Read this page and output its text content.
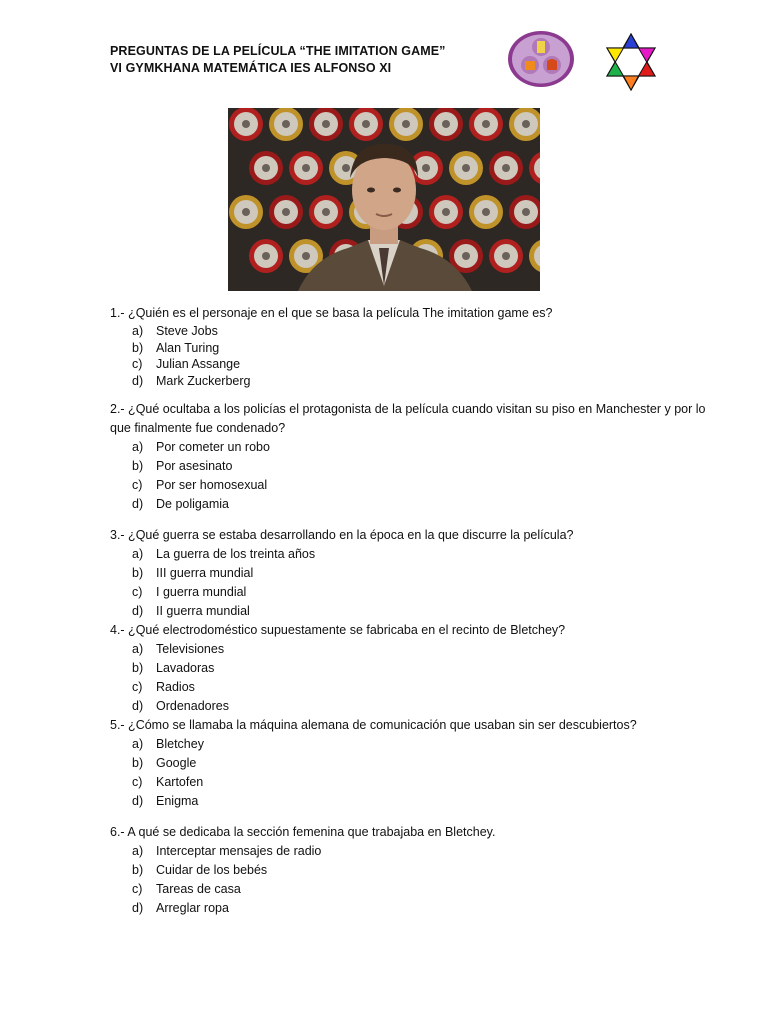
PREGUNTAS DE LA PELÍCULA “THE IMITATION GAME”
VI GYMKHANA MATEMÁTICA IES ALFONSO XI
1.- ¿Quién es el personaje en el que se basa la película The imitation game es?
a) Steve Jobs
b) Alan Turing
c) Julian Assange
d) Mark Zuckerberg
2.- ¿Qué ocultaba a los policías el protagonista de la película cuando visitan su piso en Manchester y por lo que finalmente fue condenado?
a) Por cometer un robo
b) Por asesinato
c) Por ser homosexual
d) De poligamia
3.- ¿Qué guerra se estaba desarrollando en la época en la que discurre la película?
a) La guerra de los treinta años
b) III guerra mundial
c) I guerra mundial
d) II guerra mundial
4.- ¿Qué electrodoméstico supuestamente se fabricaba en el recinto de Bletchey?
a) Televisiones
b) Lavadoras
c) Radios
d) Ordenadores
5.- ¿Cómo se llamaba la máquina alemana de comunicación que usaban sin ser descubiertos?
a) Bletchey
b) Google
c) Kartofen
d) Enigma
6.- A qué se dedicaba la sección femenina que trabajaba en Bletchey.
a) Interceptar mensajes de radio
b) Cuidar de los bebés
c) Tareas de casa
d) Arreglar ropa
